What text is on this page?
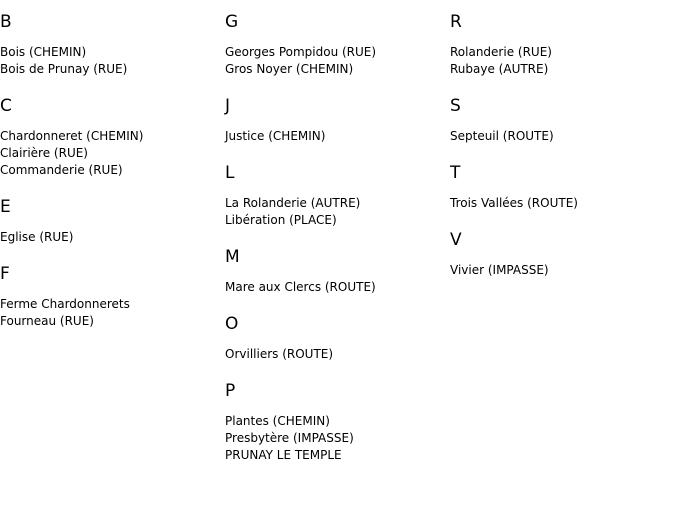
B
Bois (CHEMIN)
Bois de Prunay (RUE)
C
Chardonneret (CHEMIN)
Clairière (RUE)
Commanderie (RUE)
E
Eglise (RUE)
F
Ferme Chardonnerets
Fourneau (RUE)
G
Georges Pompidou (RUE)
Gros Noyer (CHEMIN)
J
Justice (CHEMIN)
L
La Rolanderie (AUTRE)
Libération (PLACE)
M
Mare aux Clercs (ROUTE)
O
Orvilliers (ROUTE)
P
Plantes (CHEMIN)
Presbytère (IMPASSE)
PRUNAY LE TEMPLE
R
Rolanderie (RUE)
Rubaye (AUTRE)
S
Septeuil (ROUTE)
T
Trois Vallées (ROUTE)
V
Vivier (IMPASSE)
